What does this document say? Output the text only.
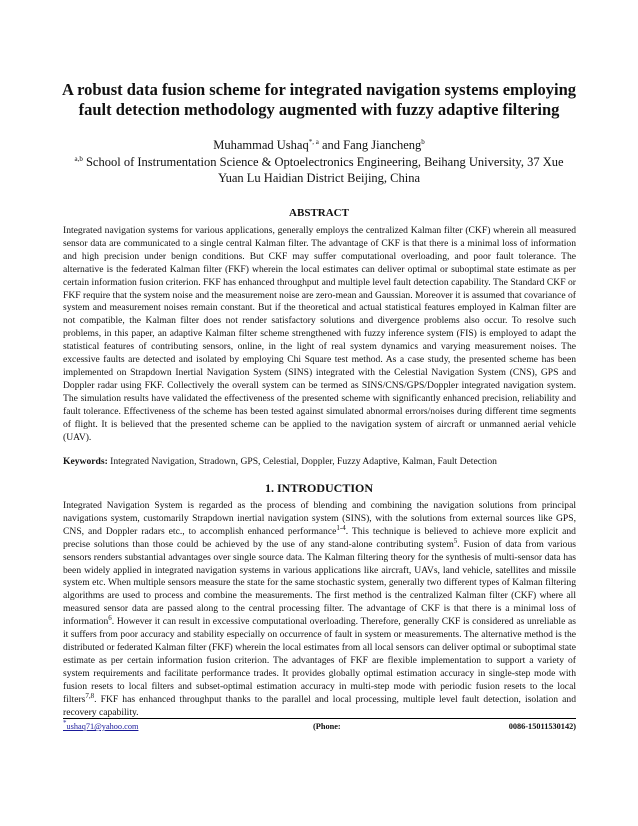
A robust data fusion scheme for integrated navigation systems employing fault detection methodology augmented with fuzzy adaptive filtering
Muhammad Ushaq$^{*, a}$ and Fang Jiancheng$^b$
$^{a,b}$ School of Instrumentation Science & Optoelectronics Engineering, Beihang University, 37 Xue Yuan Lu Haidian District Beijing, China
ABSTRACT
Integrated navigation systems for various applications, generally employs the centralized Kalman filter (CKF) wherein all measured sensor data are communicated to a single central Kalman filter. The advantage of CKF is that there is a minimal loss of information and high precision under benign conditions. But CKF may suffer computational overloading, and poor fault tolerance. The alternative is the federated Kalman filter (FKF) wherein the local estimates can deliver optimal or suboptimal state estimate as per certain information fusion criterion. FKF has enhanced throughput and multiple level fault detection capability. The Standard CKF or FKF require that the system noise and the measurement noise are zero-mean and Gaussian. Moreover it is assumed that covariance of system and measurement noises remain constant. But if the theoretical and actual statistical features employed in Kalman filter are not compatible, the Kalman filter does not render satisfactory solutions and divergence problems also occur. To resolve such problems, in this paper, an adaptive Kalman filter scheme strengthened with fuzzy inference system (FIS) is employed to adapt the statistical features of contributing sensors, online, in the light of real system dynamics and varying measurement noises. The excessive faults are detected and isolated by employing Chi Square test method. As a case study, the presented scheme has been implemented on Strapdown Inertial Navigation System (SINS) integrated with the Celestial Navigation System (CNS), GPS and Doppler radar using FKF. Collectively the overall system can be termed as SINS/CNS/GPS/Doppler integrated navigation system. The simulation results have validated the effectiveness of the presented scheme with significantly enhanced precision, reliability and fault tolerance. Effectiveness of the scheme has been tested against simulated abnormal errors/noises during different time segments of flight. It is believed that the presented scheme can be applied to the navigation system of aircraft or unmanned aerial vehicle (UAV).
Keywords: Integrated Navigation, Stradown, GPS, Celestial, Doppler, Fuzzy Adaptive, Kalman, Fault Detection
1. INTRODUCTION
Integrated Navigation System is regarded as the process of blending and combining the navigation solutions from principal navigations system, customarily Strapdown inertial navigation system (SINS), with the solutions from external sources like GPS, CNS, and Doppler radars etc., to accomplish enhanced performance$^{1-4}$. This technique is believed to achieve more explicit and precise solutions than those could be achieved by the use of any stand-alone contributing system$^5$. Fusion of data from various sensors renders substantial advantages over single source data. The Kalman filtering theory for the synthesis of multi-sensor data has been widely applied in integrated navigation systems in various applications like aircraft, UAVs, land vehicle, satellites and missile system etc. When multiple sensors measure the state for the same stochastic system, generally two different types of Kalman filtering algorithms are used to process and combine the measurements. The first method is the centralized Kalman filter (CKF) where all measured sensor data are passed along to the central processing filter. The advantage of CKF is that there is a minimal loss of information$^6$. However it can result in excessive computational overloading. Therefore, generally CKF is considered as unreliable as it suffers from poor accuracy and stability especially on occurrence of fault in system or measurements. The alternative method is the distributed or federated Kalman filter (FKF) wherein the local estimates from all local sensors can deliver optimal or suboptimal state estimate as per certain information fusion criterion. The advantages of FKF are flexible implementation to support a variety of system requirements and facilitate performance trades. It provides globally optimal estimation accuracy in single-step mode with fusion resets to local filters and subset-optimal estimation accuracy in multi-step mode with periodic fusion resets to the local filters$^{7,8}$. FKF has enhanced throughput thanks to the parallel and local processing, multiple level fault detection, isolation and recovery capability.
*ushaq71@yahoo.com	(Phone:	0086-15011530142)
